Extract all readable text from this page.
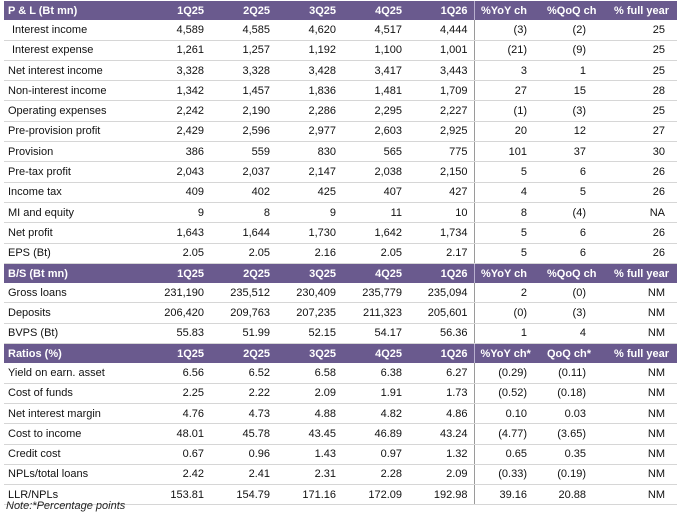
P & L (Bt mn)	1Q25	2Q25	3Q25	4Q25	1Q26	%YoY ch	%QoQ ch	% full year
Interest income	4,589	4,585	4,620	4,517	4,444	(3)	(2)	25
Interest expense	1,261	1,257	1,192	1,100	1,001	(21)	(9)	25
Net interest income	3,328	3,328	3,428	3,417	3,443	3	1	25
Non-interest income	1,342	1,457	1,836	1,481	1,709	27	15	28
Operating expenses	2,242	2,190	2,286	2,295	2,227	(1)	(3)	25
Pre-provision profit	2,429	2,596	2,977	2,603	2,925	20	12	27
Provision	386	559	830	565	775	101	37	30
Pre-tax profit	2,043	2,037	2,147	2,038	2,150	5	6	26
Income tax	409	402	425	407	427	4	5	26
MI and equity	9	8	9	11	10	8	(4)	NA
Net profit	1,643	1,644	1,730	1,642	1,734	5	6	26
EPS (Bt)	2.05	2.05	2.16	2.05	2.17	5	6	26
B/S (Bt mn)	1Q25	2Q25	3Q25	4Q25	1Q26	%YoY ch	%QoQ ch	% full year
Gross loans	231,190	235,512	230,409	235,779	235,094	2	(0)	NM
Deposits	206,420	209,763	207,235	211,323	205,601	(0)	(3)	NM
BVPS (Bt)	55.83	51.99	52.15	54.17	56.36	1	4	NM
Ratios (%)	1Q25	2Q25	3Q25	4Q25	1Q26	%YoY ch*	QoQ ch*	% full year
Yield on earn. asset	6.56	6.52	6.58	6.38	6.27	(0.29)	(0.11)	NM
Cost of funds	2.25	2.22	2.09	1.91	1.73	(0.52)	(0.18)	NM
Net interest margin	4.76	4.73	4.88	4.82	4.86	0.10	0.03	NM
Cost to income	48.01	45.78	43.45	46.89	43.24	(4.77)	(3.65)	NM
Credit cost	0.67	0.96	1.43	0.97	1.32	0.65	0.35	NM
NPLs/total loans	2.42	2.41	2.31	2.28	2.09	(0.33)	(0.19)	NM
LLR/NPLs	153.81	154.79	171.16	172.09	192.98	39.16	20.88	NM
Note:*Percentage points
